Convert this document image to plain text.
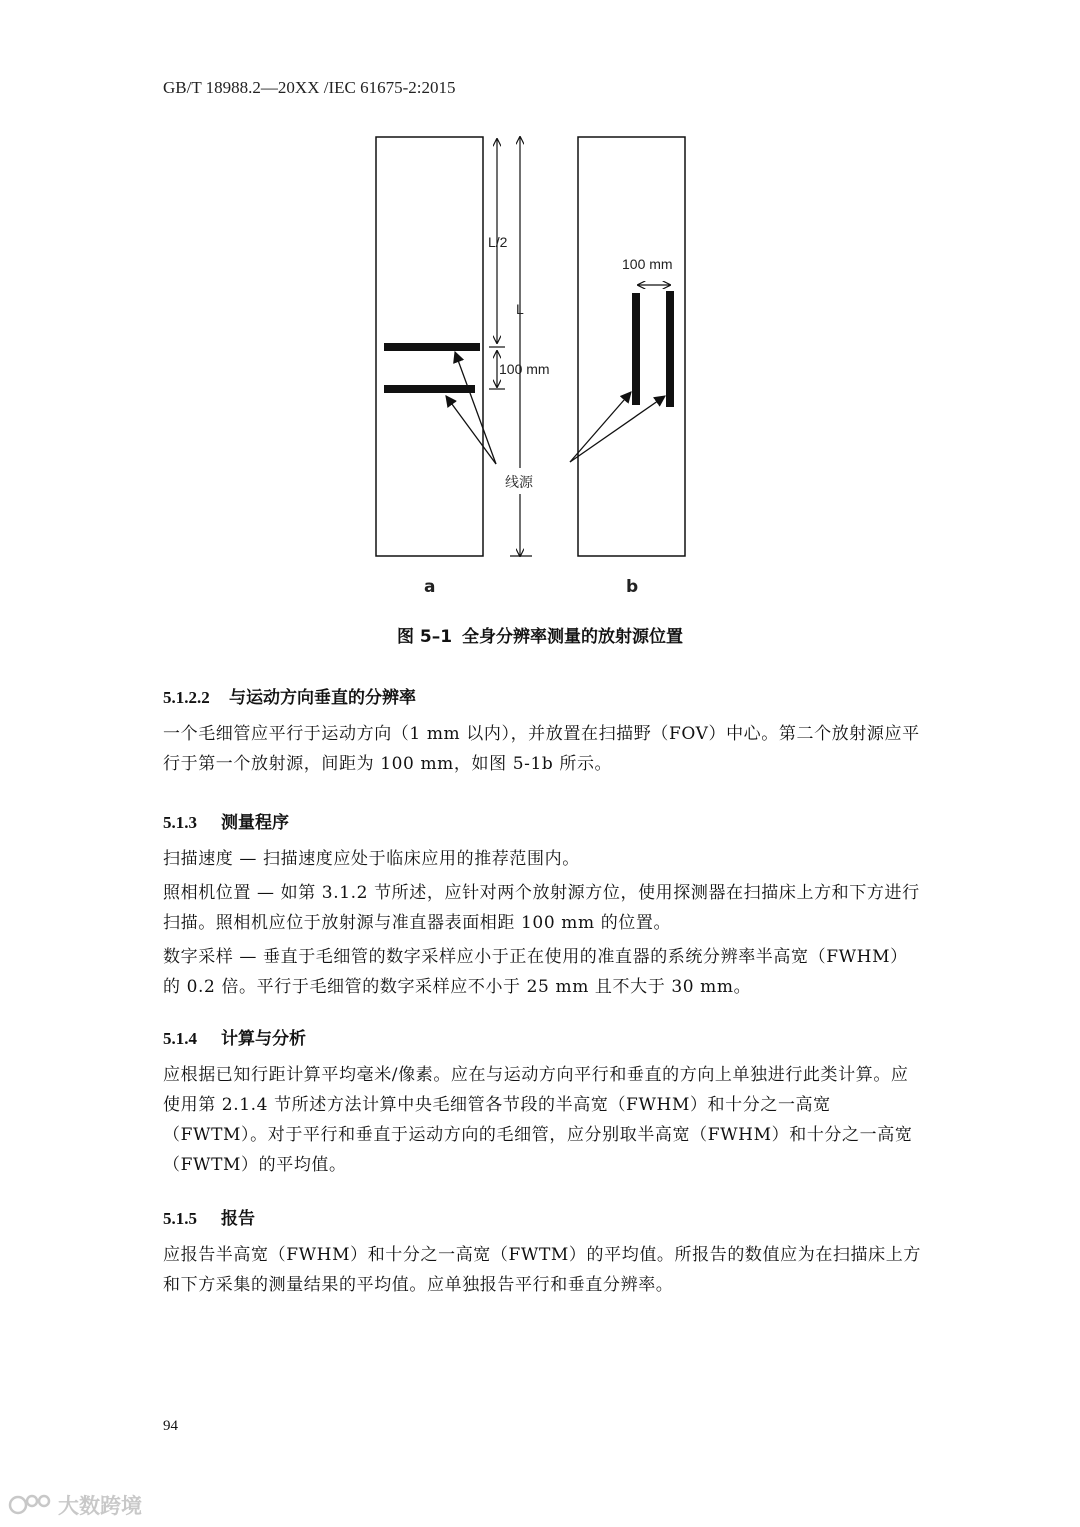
GB/T 18988.2—20XX /IEC 61675-2:2015
L
L/2
100 mm
100 mm
线源
a	b
图 5–1 全身分辨率测量的放射源位置
5.1.2.2 与运动方向垂直的分辨率

一个毛细管应平行于运动方向（1 mm 以内），并放置在扫描野（FOV）中心。第二个放射源应平行于第一个放射源，间距为 100 mm，如图 5-1b 所示。

5.1.3 测量程序

扫描速度 — 扫描速度应处于临床应用的推荐范围内。

照相机位置 — 如第 3.1.2 节所述，应针对两个放射源方位，使用探测器在扫描床上方和下方进行扫描。照相机应位于放射源与准直器表面相距 100 mm 的位置。

数字采样 — 垂直于毛细管的数字采样应小于正在使用的准直器的系统分辨率半高宽（FWHM）的 0.2 倍。平行于毛细管的数字采样应不小于 25 mm 且不大于 30 mm。

5.1.4 计算与分析

应根据已知行距计算平均毫米/像素。应在与运动方向平行和垂直的方向上单独进行此类计算。应使用第 2.1.4 节所述方法计算中央毛细管各节段的半高宽（FWHM）和十分之一高宽（FWTM）。对于平行和垂直于运动方向的毛细管，应分别取半高宽（FWHM）和十分之一高宽（FWTM）的平均值。

5.1.5 报告

应报告半高宽（FWHM）和十分之一高宽（FWTM）的平均值。所报告的数值应为在扫描床上方和下方采集的测量结果的平均值。应单独报告平行和垂直分辨率。

94
大数跨境
